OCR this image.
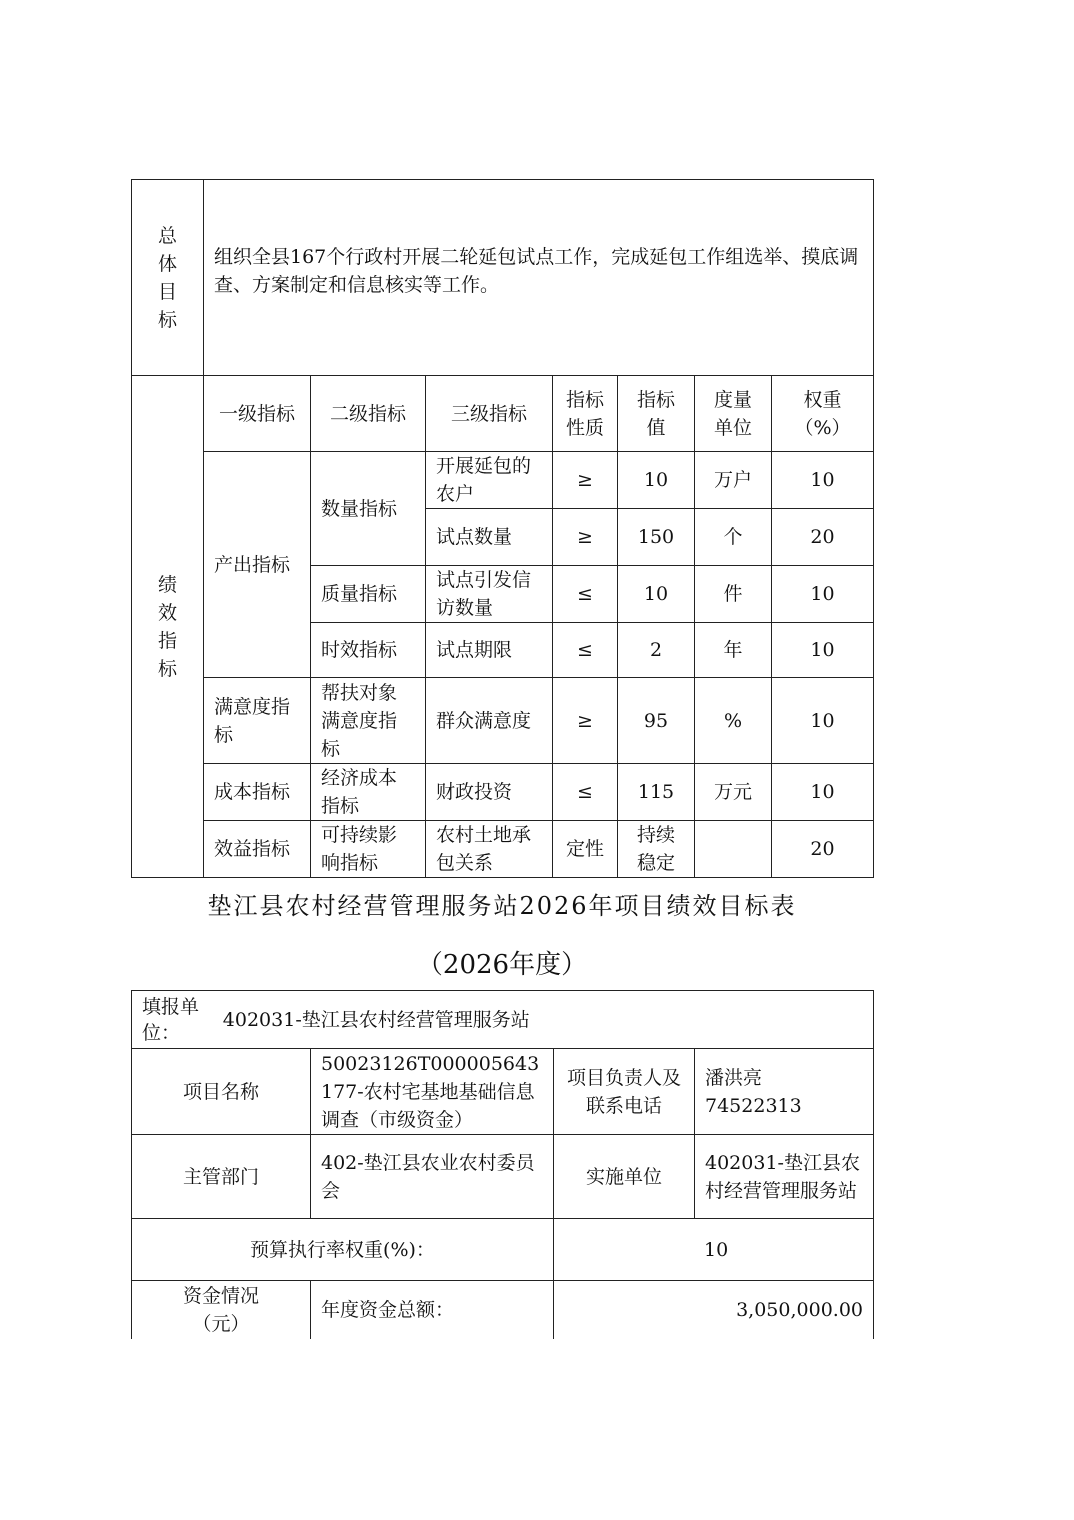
总体目标	组织全县167个行政村开展二轮延包试点工作，完成延包工作组选举、摸底调查、方案制定和信息核实等工作。						

绩效指标	一级指标	二级指标	三级指标	指标性质	指标值	度量单位	权重（%）
	产出指标	数量指标	开展延包的农户	≥	10	万户	10
			试点数量	≥	150	个	20
		质量指标	试点引发信访数量	≤	10	件	10
		时效指标	试点期限	≤	2	年	10
	满意度指标	帮扶对象满意度指标	群众满意度	≥	95	%	10
	成本指标	经济成本指标	财政投资	≤	115	万元	10
	效益指标	可持续影响指标	农村土地承包关系	定性	持续稳定		20
垫江县农村经营管理服务站2026年项目绩效目标表
（2026年度）
填报单位：
402031-垫江县农村经营管理服务站			

项目名称	50023126T000005643177-农村宅基地基础信息调查（市级资金）	项目负责人及联系电话	潘洪亮 74522313
主管部门	402-垫江县农业农村委员会	实施单位	402031-垫江县农村经营管理服务站
预算执行率权重(%)：		10	

资金情况（元）	年度资金总额：	3,050,000.00	
